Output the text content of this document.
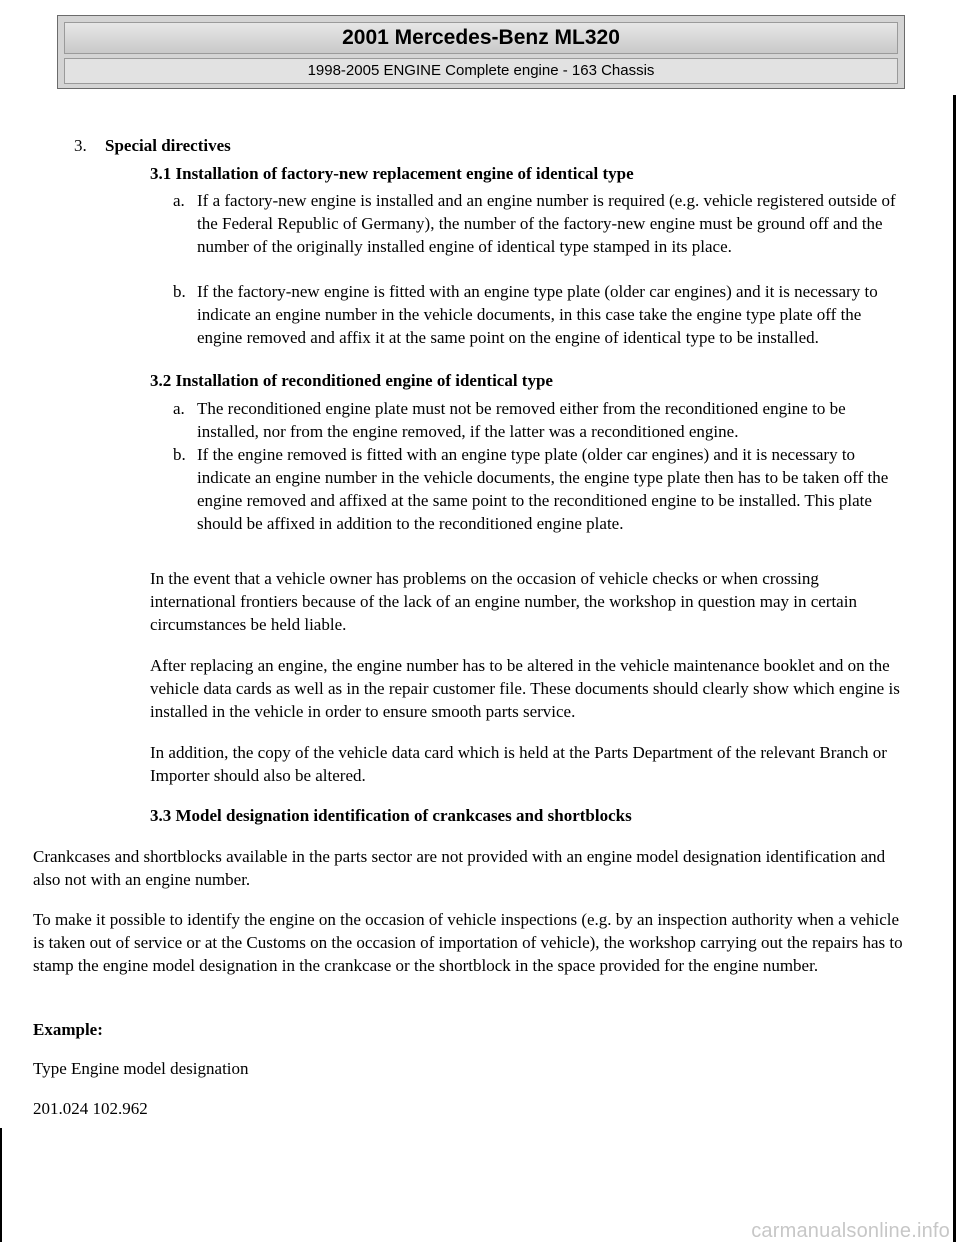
2001 Mercedes-Benz ML320
1998-2005 ENGINE Complete engine - 163 Chassis

3. Special directives

3.1 Installation of factory-new replacement engine of identical type

a. If a factory-new engine is installed and an engine number is required (e.g. vehicle registered outside of the Federal Republic of Germany), the number of the factory-new engine must be ground off and the number of the originally installed engine of identical type stamped in its place.

b. If the factory-new engine is fitted with an engine type plate (older car engines) and it is necessary to indicate an engine number in the vehicle documents, in this case take the engine type plate off the engine removed and affix it at the same point on the engine of identical type to be installed.

3.2 Installation of reconditioned engine of identical type

a. The reconditioned engine plate must not be removed either from the reconditioned engine to be installed, nor from the engine removed, if the latter was a reconditioned engine.

b. If the engine removed is fitted with an engine type plate (older car engines) and it is necessary to indicate an engine number in the vehicle documents, the engine type plate then has to be taken off the engine removed and affixed at the same point to the reconditioned engine to be installed. This plate should be affixed in addition to the reconditioned engine plate.

In the event that a vehicle owner has problems on the occasion of vehicle checks or when crossing international frontiers because of the lack of an engine number, the workshop in question may in certain circumstances be held liable.

After replacing an engine, the engine number has to be altered in the vehicle maintenance booklet and on the vehicle data cards as well as in the repair customer file. These documents should clearly show which engine is installed in the vehicle in order to ensure smooth parts service.

In addition, the copy of the vehicle data card which is held at the Parts Department of the relevant Branch or Importer should also be altered.

3.3 Model designation identification of crankcases and shortblocks

Crankcases and shortblocks available in the parts sector are not provided with an engine model designation identification and also not with an engine number.

To make it possible to identify the engine on the occasion of vehicle inspections (e.g. by an inspection authority when a vehicle is taken out of service or at the Customs on the occasion of importation of vehicle), the workshop carrying out the repairs has to stamp the engine model designation in the crankcase or the shortblock in the space provided for the engine number.

Example:

Type Engine model designation

201.024 102.962

carmanualsonline.info
